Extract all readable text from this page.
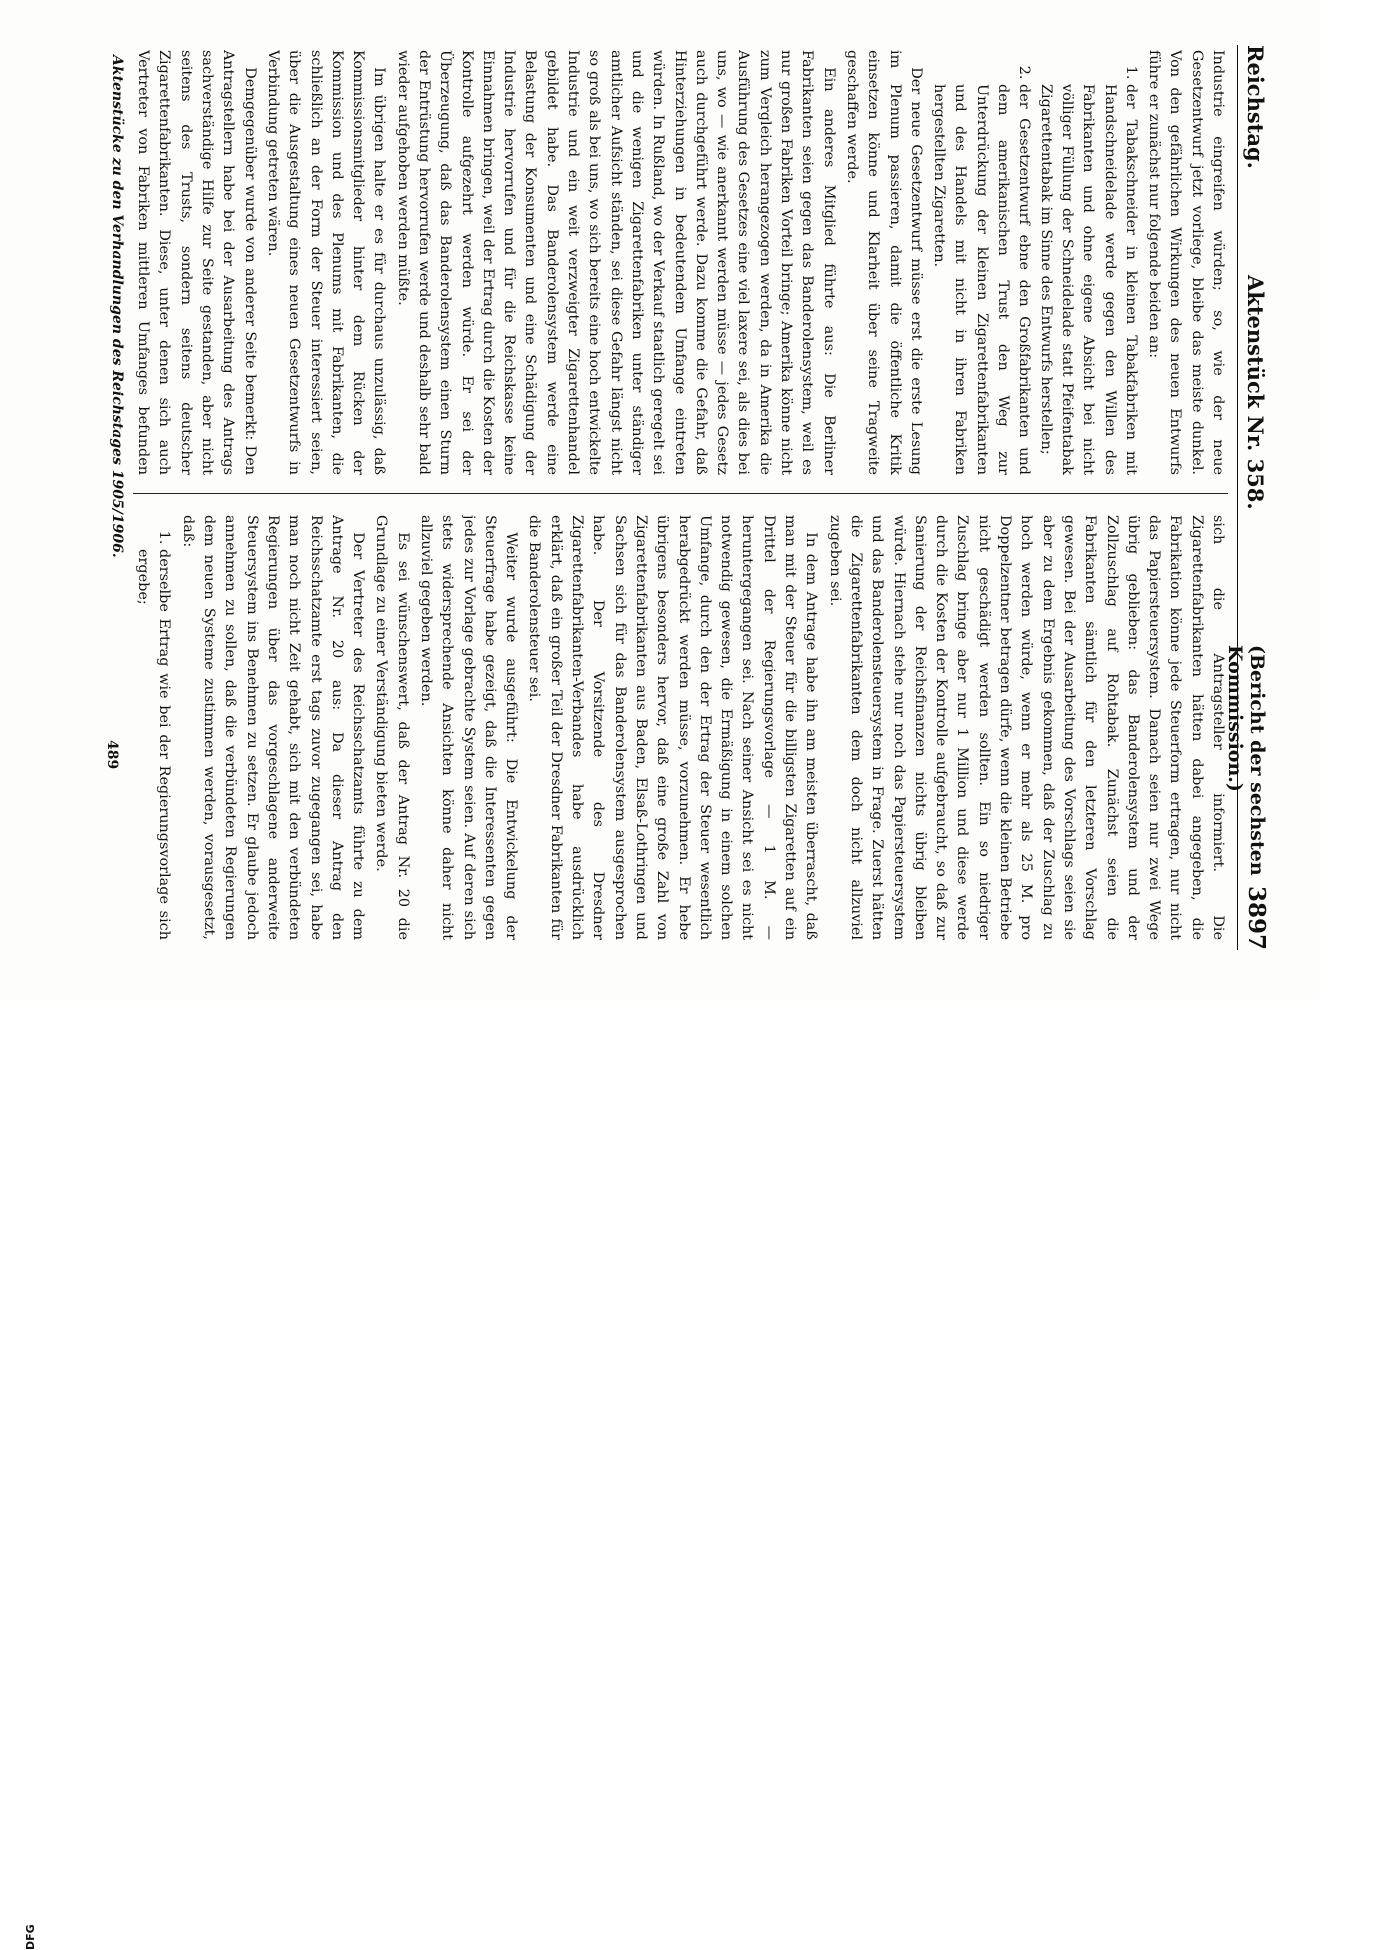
DFG
Reichstag.
Aktenstück Nr. 358.
(Bericht der sechsten Kommission.)
3897

Industrie eingreifen würden; so, wie der neue Gesetzentwurf jetzt vorliege, bleibe das meiste dunkel. Von den gefährlichen Wirkungen des neuen Entwurfs führe er zunächst nur folgende beiden an:

1. der Tabakschneider in kleinen Tabakfabriken mit Handschneidelade werde gegen den Willen des Fabrikanten und ohne eigene Absicht bei nicht völliger Füllung der Schneidelade statt Pfeifentabak Zigarettentabak im Sinne des Entwurfs herstellen;
2. der Gesetzentwurf ebne den Großfabrikanten und dem amerikanischen Trust den Weg zur Unterdrückung der kleinen Zigarettenfabrikanten und des Handels mit nicht in ihren Fabriken hergestellten Zigaretten.

Der neue Gesetzentwurf müsse erst die erste Lesung im Plenum passieren, damit die öffentliche Kritik einsetzen könne und Klarheit über seine Tragweite geschaffen werde.

Ein anderes Mitglied führte aus: Die Berliner Fabrikanten seien gegen das Banderolensystem, weil es nur großen Fabriken Vorteil bringe; Amerika könne nicht zum Vergleich herangezogen werden, da in Amerika die Ausführung des Gesetzes eine viel laxere sei, als dies bei uns, wo — wie anerkannt werden müsse — jedes Gesetz auch durchgeführt werde. Dazu komme die Gefahr, daß Hinterziehungen in bedeutendem Umfange eintreten würden. In Rußland, wo der Verkauf staatlich geregelt sei und die wenigen Zigarettenfabriken unter ständiger amtlicher Aufsicht ständen, sei diese Gefahr längst nicht so groß als bei uns, wo sich bereits eine hoch entwickelte Industrie und ein weit verzweigter Zigarettenhandel gebildet habe. Das Banderolensystem werde eine Belastung der Konsumenten und eine Schädigung der Industrie hervorrufen und für die Reichskasse keine Einnahmen bringen, weil der Ertrag durch die Kosten der Kontrolle aufgezehrt werden würde. Er sei der Überzeugung, daß das Banderolensystem einen Sturm der Entrüstung hervorrufen werde und deshalb sehr bald wieder aufgehoben werden müßte.

Im übrigen halte er es für durchaus unzulässig, daß Kommissionsmitglieder hinter dem Rücken der Kommission und des Plenums mit Fabrikanten, die schließlich an der Form der Steuer interessiert seien, über die Ausgestaltung eines neuen Gesetzentwurfs in Verbindung getreten wären.

Demgegenüber wurde von anderer Seite bemerkt: Den Antragstellern habe bei der Ausarbeitung des Antrags sachverständige Hilfe zur Seite gestanden, aber nicht seitens des Trusts, sondern seitens deutscher Zigarettenfabrikanten. Diese, unter denen sich auch Vertreter von Fabriken mittleren Umfanges befunden

sich die Antragsteller informiert. Die Zigarettenfabrikanten hätten dabei angegeben, die Fabrikation könne jede Steuerform ertragen, nur nicht das Papiersteuersystem. Danach seien nur zwei Wege übrig geblieben: das Banderolensystem und der Zollzuschlag auf Rohtabak. Zunächst seien die Fabrikanten sämtlich für den letzteren Vorschlag gewesen. Bei der Ausarbeitung des Vorschlags seien sie aber zu dem Ergebnis gekommen, daß der Zuschlag zu hoch werden würde, wenn er mehr als 25 M. pro Doppelzentner betragen dürfe, wenn die kleinen Betriebe nicht geschädigt werden sollten. Ein so niedriger Zuschlag bringe aber nur 1 Million und diese werde durch die Kosten der Kontrolle aufgebraucht, so daß zur Sanierung der Reichsfinanzen nichts übrig bleiben würde. Hiernach stehe nur noch das Papiersteuersystem und das Banderolensteuersystem in Frage. Zuerst hätten die Zigarettenfabrikanten dem doch nicht allzuviel zugeben sei.

In dem Antrage habe ihn am meisten überrascht, daß man mit der Steuer für die billigsten Zigaretten auf ein Drittel der Regierungsvorlage — 1 M. — heruntergegangen sei. Nach seiner Ansicht sei es nicht notwendig gewesen, die Ermäßigung in einem solchen Umfange, durch den der Ertrag der Steuer wesentlich herabgedrückt werden müsse, vorzunehmen. Er hebe übrigens besonders hervor, daß eine große Zahl von Zigarettenfabrikanten aus Baden, Elsaß-Lothringen und Sachsen sich für das Banderolensystem ausgesprochen habe. Der Vorsitzende des Dresdner Zigarettenfabrikanten-Verbandes habe ausdrücklich erklärt, daß ein großer Teil der Dresdner Fabrikanten für die Banderolensteuer sei.

Weiter wurde ausgeführt: Die Entwickelung der Steuerfrage habe gezeigt, daß die Interessenten gegen jedes zur Vorlage gebrachte System seien. Auf deren sich stets widersprechende Ansichten könne daher nicht allzuviel gegeben werden.

Es sei wünschenswert, daß der Antrag Nr. 20 die Grundlage zu einer Verständigung bieten werde.

Der Vertreter des Reichsschatzamts führte zu dem Antrage Nr. 20 aus: Da dieser Antrag den Reichsschatzamte erst tags zuvor zugegangen sei, habe man noch nicht Zeit gehabt, sich mit den verbündeten Regierungen über das vorgeschlagene anderweite Steuersystem ins Benehmen zu setzen. Er glaube jedoch annehmen zu sollen, daß die verbündeten Regierungen dem neuen Systeme zustimmen werden, vorausgesetzt, daß:

1. derselbe Ertrag wie bei der Regierungsvorlage sich ergebe;

Aktenstücke zu den Verhandlungen des Reichstages 1905/1906.
489
